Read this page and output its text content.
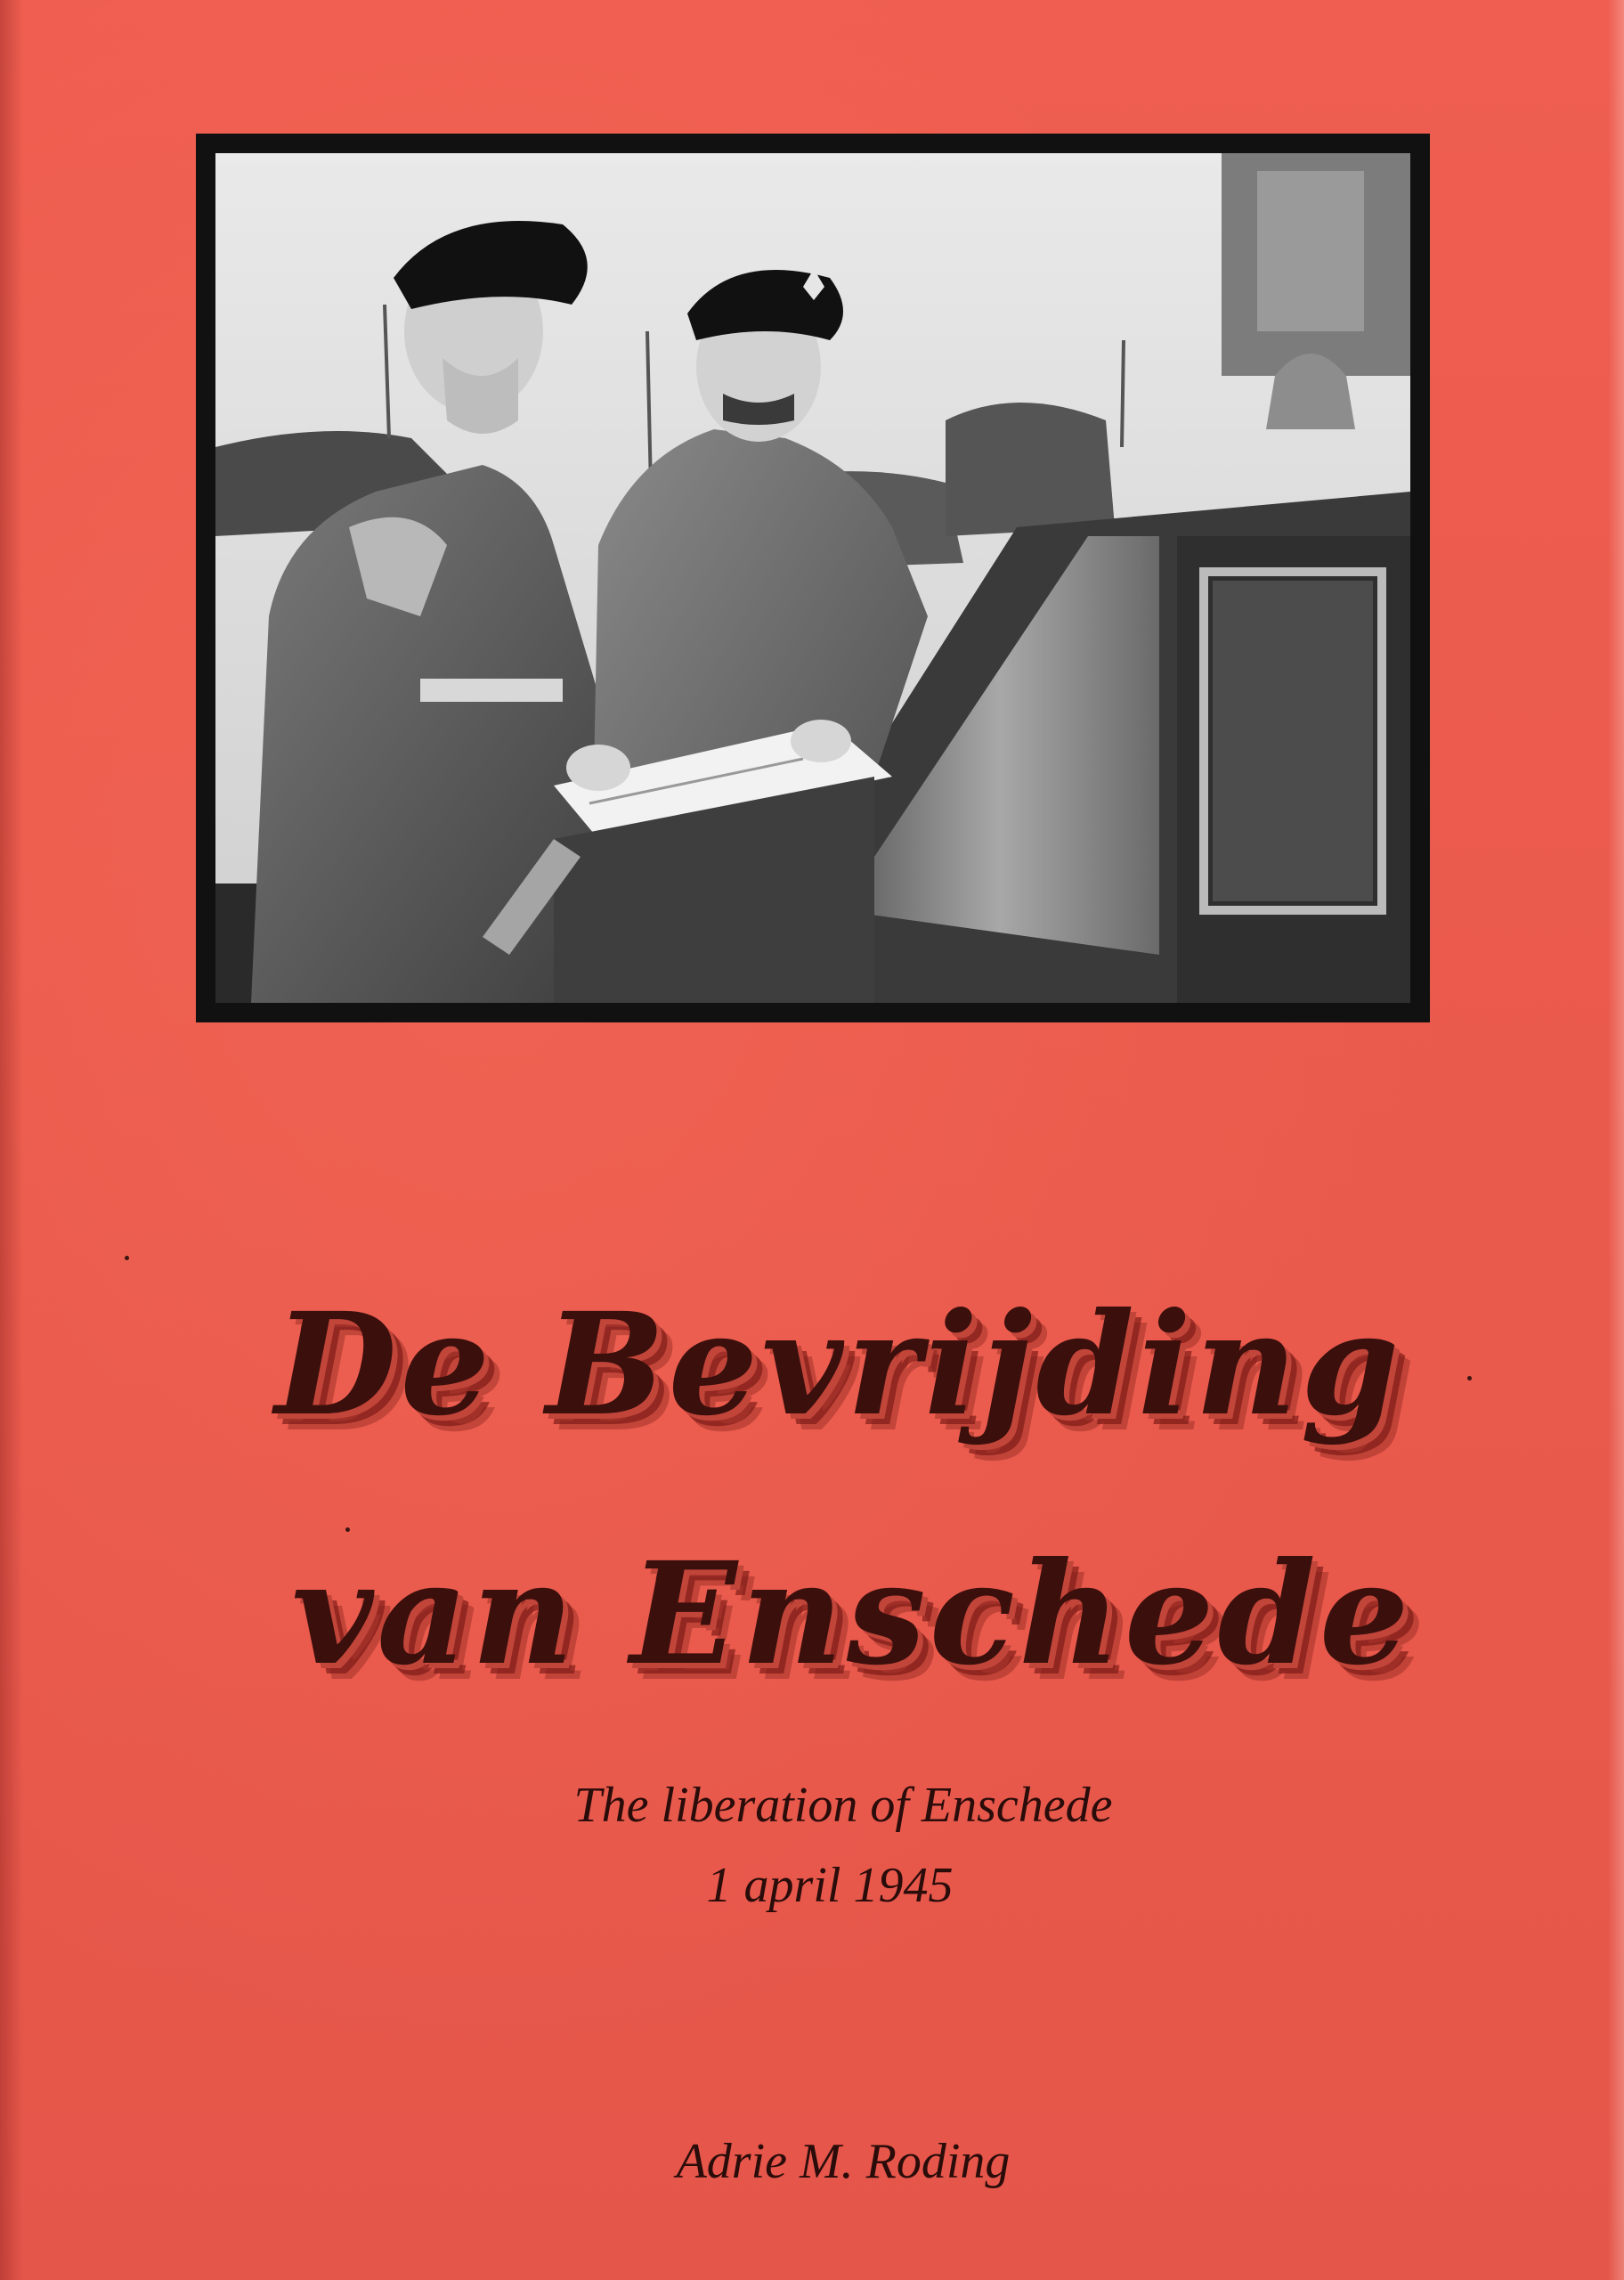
De Bevrijding
van Enschede
The liberation of Enschede
1 april 1945
Adrie M. Roding
